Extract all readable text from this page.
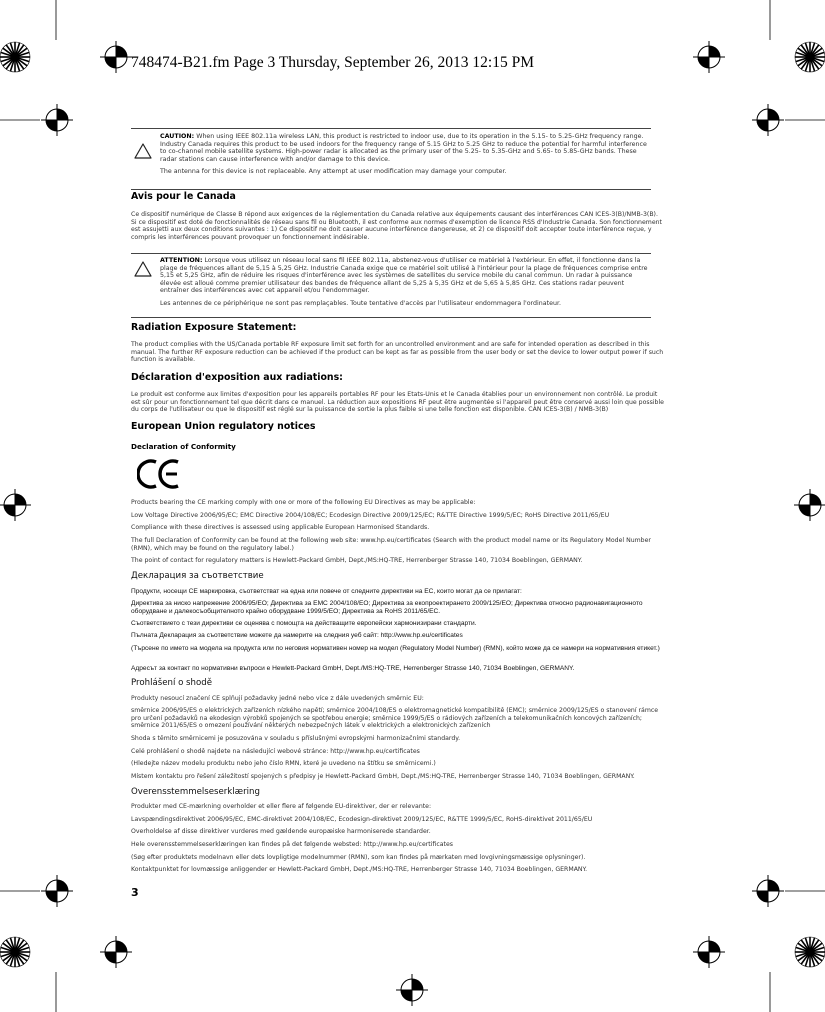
748474-B21.fm Page 3 Thursday, September 26, 2013 12:15 PM

CAUTION: When using IEEE 802.11a wireless LAN, this product is restricted to indoor use, due to its operation in the 5.15- to 5.25-GHz frequency range. Industry Canada requires this product to be used indoors for the frequency range of 5.15 GHz to 5.25 GHz to reduce the potential for harmful interference to co-channel mobile satellite systems. High-power radar is allocated as the primary user of the 5.25- to 5.35-GHz and 5.65- to 5.85-GHz bands. These radar stations can cause interference with and/or damage to this device.

The antenna for this device is not replaceable. Any attempt at user modification may damage your computer.

Avis pour le Canada
Ce dispositif numérique de Classe B répond aux exigences de la réglementation du Canada relative aux équipements causant des interférences CAN ICES-3(B)/NMB-3(B). Si ce dispositif est doté de fonctionnalités de réseau sans fil ou Bluetooth, il est conforme aux normes d'exemption de licence RSS d'Industrie Canada. Son fonctionnement est assujetti aux deux conditions suivantes : 1) Ce dispositif ne doit causer aucune interférence dangereuse, et 2) ce dispositif doit accepter toute interférence reçue, y compris les interférences pouvant provoquer un fonctionnement indésirable.

ATTENTION: Lorsque vous utilisez un réseau local sans fil IEEE 802.11a, abstenez-vous d'utiliser ce matériel à l'extérieur. En effet, il fonctionne dans la plage de fréquences allant de 5,15 à 5,25 GHz. Industrie Canada exige que ce matériel soit utilisé à l'intérieur pour la plage de fréquences comprise entre 5,15 et 5,25 GHz, afin de réduire les risques d'interférence avec les systèmes de satellites du service mobile du canal commun. Un radar à puissance élevée est alloué comme premier utilisateur des bandes de fréquence allant de 5,25 à 5,35 GHz et de 5,65 à 5,85 GHz. Ces stations radar peuvent entraîner des interférences avec cet appareil et/ou l'endommager.

Les antennes de ce périphérique ne sont pas remplaçables. Toute tentative d'accès par l'utilisateur endommagera l'ordinateur.

Radiation Exposure Statement:
The product complies with the US/Canada portable RF exposure limit set forth for an uncontrolled environment and are safe for intended operation as described in this manual. The further RF exposure reduction can be achieved if the product can be kept as far as possible from the user body or set the device to lower output power if such function is available.
Déclaration d'exposition aux radiations:
Le produit est conforme aux limites d'exposition pour les appareils portables RF pour les Etats-Unis et le Canada établies pour un environnement non contrôlé. Le produit est sûr pour un fonctionnement tel que décrit dans ce manuel. La réduction aux expositions RF peut être augmentée si l'appareil peut être conservé aussi loin que possible du corps de l'utilisateur ou que le dispositif est réglé sur la puissance de sortie la plus faible si une telle fonction est disponible. CAN ICES-3(B) / NMB-3(B)
European Union regulatory notices
Declaration of Conformity
Products bearing the CE marking comply with one or more of the following EU Directives as may be applicable:
Low Voltage Directive 2006/95/EC; EMC Directive 2004/108/EC; Ecodesign Directive 2009/125/EC; R&TTE Directive 1999/5/EC; RoHS Directive 2011/65/EU
Compliance with these directives is assessed using applicable European Harmonised Standards.
The full Declaration of Conformity can be found at the following web site: www.hp.eu/certificates (Search with the product model name or its Regulatory Model Number (RMN), which may be found on the regulatory label.)
The point of contact for regulatory matters is Hewlett-Packard GmbH, Dept./MS:HQ-TRE, Herrenberger Strasse 140, 71034 Boeblingen, GERMANY.
Декларация за съответствие
Продукти, носещи CE маркировка, съответстват на една или повече от следните директиви на ЕС, които могат да се прилагат:
Директива за ниско напрежение 2006/95/ЕО; Директива за EMC 2004/108/ЕО; Директива за екопроектирането 2009/125/ЕО; Директива относно радионавигационното оборудване и далекосъобщителното крайно оборудване 1999/5/ЕО; Директива за RoHS 2011/65/ЕС.
Съответствието с тези директиви се оценява с помощта на действащите европейски хармонизирани стандарти.
Пълната Декларация за съответствие можете да намерите на следния уеб сайт: http://www.hp.eu/certificates
(Търсене по името на модела на продукта или по неговия нормативен номер на модел (Regulatory Model Number) (RMN), който може да се намери на нормативния етикет.)
Адресът за контакт по нормативни въпроси е Hewlett-Packard GmbH, Dept./MS:HQ-TRE, Herrenberger Strasse 140, 71034 Boeblingen, GERMANY.
Prohlášení o shodě
Produkty nesoucí značení CE splňují požadavky jedné nebo více z dále uvedených směrnic EU:
směrnice 2006/95/ES o elektrických zařízeních nízkého napětí; směrnice 2004/108/ES o elektromagnetické kompatibilitě (EMC); směrnice 2009/125/ES o stanovení rámce pro určení požadavků na ekodesign výrobků spojených se spotřebou energie; směrnice 1999/5/ES o rádiových zařízeních a telekomunikačních koncových zařízeních; směrnice 2011/65/ES o omezení používání některých nebezpečných látek v elektrických a elektronických zařízeních
Shoda s těmito směrnicemi je posuzována v souladu s příslušnými evropskými harmonizačními standardy.
Celé prohlášení o shodě najdete na následující webové stránce: http://www.hp.eu/certificates
(Hledejte název modelu produktu nebo jeho číslo RMN, které je uvedeno na štítku se směrnicemi.)
Místem kontaktu pro řešení záležitostí spojených s předpisy je Hewlett-Packard GmbH, Dept./MS:HQ-TRE, Herrenberger Strasse 140, 71034 Boeblingen, GERMANY.
Overensstemmelseserklæring
Produkter med CE-mærkning overholder et eller flere af følgende EU-direktiver, der er relevante:
Lavspændingsdirektivet 2006/95/EC, EMC-direktivet 2004/108/EC, Ecodesign-direktivet 2009/125/EC, R&TTE 1999/5/EC, RoHS-direktivet 2011/65/EU
Overholdelse af disse direktiver vurderes med gældende europæiske harmoniserede standarder.
Hele overensstemmelseserklæringen kan findes på det følgende websted: http://www.hp.eu/certificates
(Søg efter produktets modelnavn eller dets lovpligtige modelnummer (RMN), som kan findes på mærkaten med lovgivningsmæssige oplysninger).
Kontaktpunktet for lovmæssige anliggender er Hewlett-Packard GmbH, Dept./MS:HQ-TRE, Herrenberger Strasse 140, 71034 Boeblingen, GERMANY.
3
